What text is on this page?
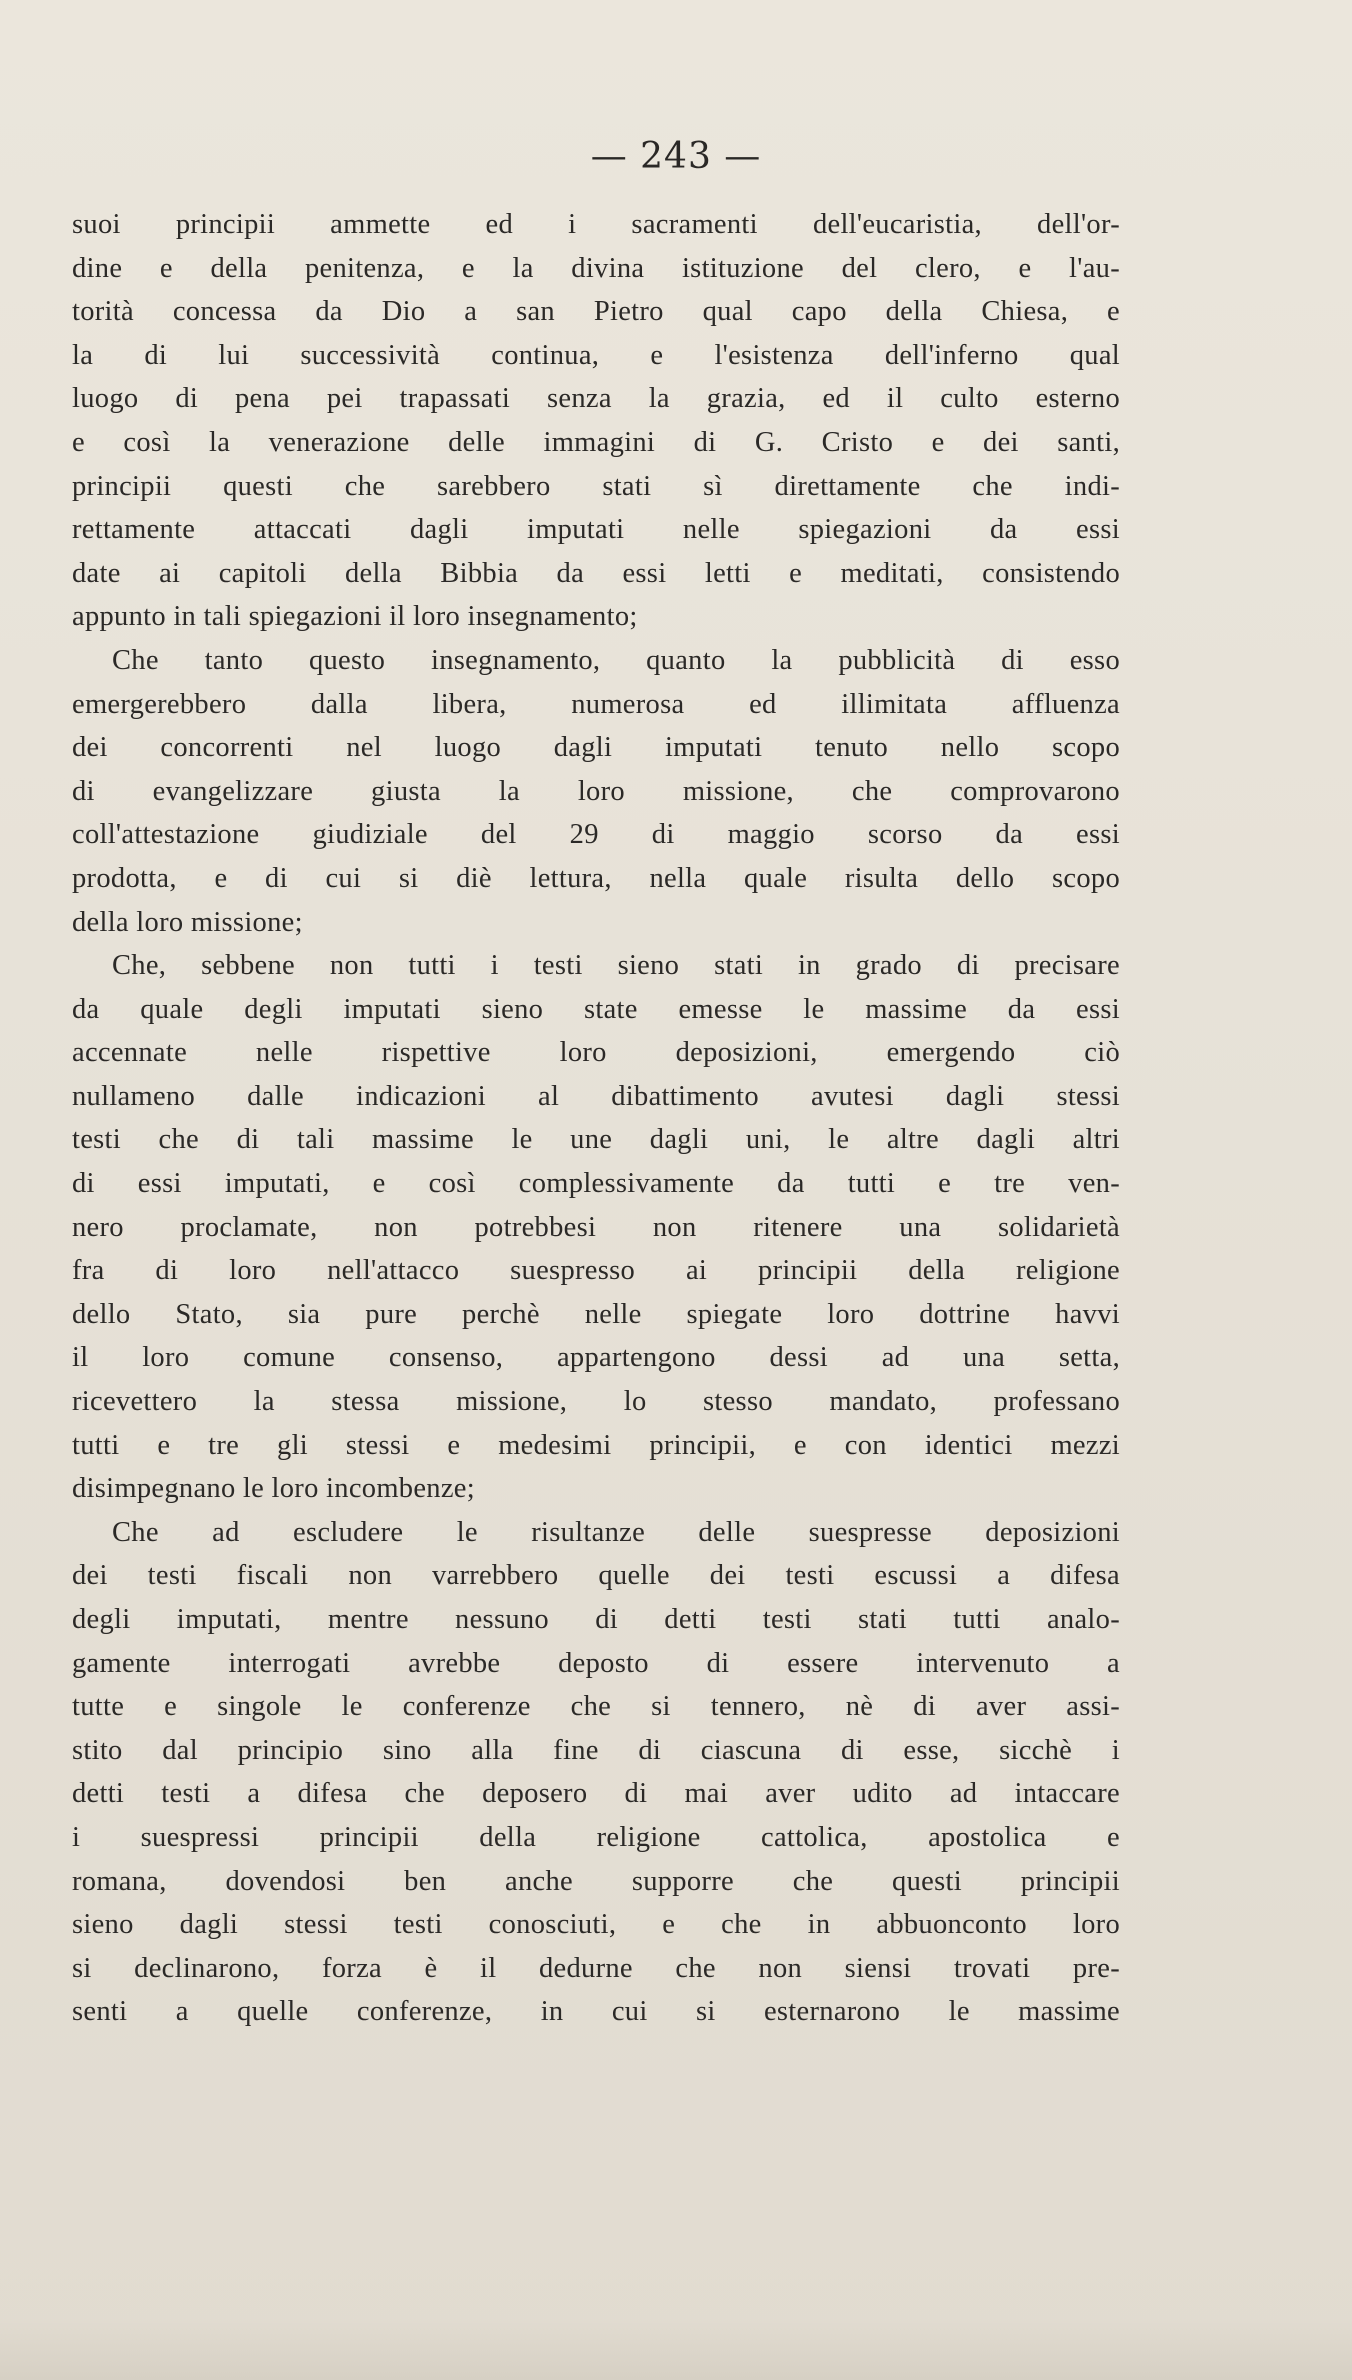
— 243 —
suoi principii ammette ed i sacramenti dell'eucaristia, dell'or-
dine e della penitenza, e la divina istituzione del clero, e l'au-
torità concessa da Dio a san Pietro qual capo della Chiesa, e
la di lui successività continua, e l'esistenza dell'inferno qual
luogo di pena pei trapassati senza la grazia, ed il culto esterno
e così la venerazione delle immagini di G. Cristo e dei santi,
principii questi che sarebbero stati sì direttamente che indi-
rettamente attaccati dagli imputati nelle spiegazioni da essi
date ai capitoli della Bibbia da essi letti e meditati, consistendo
appunto in tali spiegazioni il loro insegnamento;
Che tanto questo insegnamento, quanto la pubblicità di esso
emergerebbero dalla libera, numerosa ed illimitata affluenza
dei concorrenti nel luogo dagli imputati tenuto nello scopo
di evangelizzare giusta la loro missione, che comprovarono
coll'attestazione giudiziale del 29 di maggio scorso da essi
prodotta, e di cui si diè lettura, nella quale risulta dello scopo
della loro missione;
Che, sebbene non tutti i testi sieno stati in grado di precisare
da quale degli imputati sieno state emesse le massime da essi
accennate nelle rispettive loro deposizioni, emergendo ciò
nullameno dalle indicazioni al dibattimento avutesi dagli stessi
testi che di tali massime le une dagli uni, le altre dagli altri
di essi imputati, e così complessivamente da tutti e tre ven-
nero proclamate, non potrebbesi non ritenere una solidarietà
fra di loro nell'attacco suespresso ai principii della religione
dello Stato, sia pure perchè nelle spiegate loro dottrine havvi
il loro comune consenso, appartengono dessi ad una setta,
ricevettero la stessa missione, lo stesso mandato, professano
tutti e tre gli stessi e medesimi principii, e con identici mezzi
disimpegnano le loro incombenze;
Che ad escludere le risultanze delle suespresse deposizioni
dei testi fiscali non varrebbero quelle dei testi escussi a difesa
degli imputati, mentre nessuno di detti testi stati tutti analo-
gamente interrogati avrebbe deposto di essere intervenuto a
tutte e singole le conferenze che si tennero, nè di aver assi-
stito dal principio sino alla fine di ciascuna di esse, sicchè i
detti testi a difesa che deposero di mai aver udito ad intaccare
i suespressi principii della religione cattolica, apostolica e
romana, dovendosi ben anche supporre che questi principii
sieno dagli stessi testi conosciuti, e che in abbuonconto loro
si declinarono, forza è il dedurne che non siensi trovati pre-
senti a quelle conferenze, in cui si esternarono le massime
